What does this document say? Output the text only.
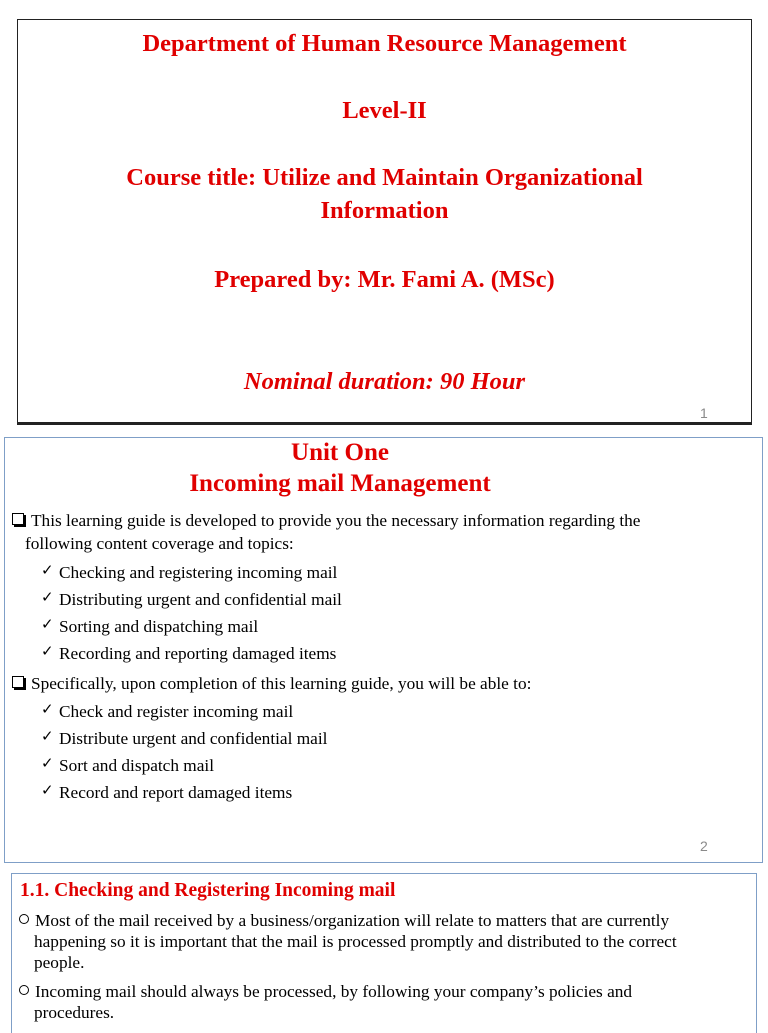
Department of Human Resource Management
Level-II
Course title: Utilize and Maintain Organizational
Information
Prepared by: Mr. Fami A. (MSc)
Nominal duration: 90 Hour
1
Unit One
Incoming mail Management
This learning guide is developed to provide you the necessary information regarding the
following content coverage and topics:
✓ Checking and registering incoming mail
✓ Distributing urgent and confidential mail
✓ Sorting and dispatching mail
✓ Recording and reporting damaged items
Specifically, upon completion of this learning guide, you will be able to:
✓ Check and register incoming mail
✓ Distribute urgent and confidential mail
✓ Sort and dispatch mail
✓ Record and report damaged items
2
1.1. Checking and Registering Incoming mail
Most of the mail received by a business/organization will relate to matters that are currently
happening so it is important that the mail is processed promptly and distributed to the correct
people.
Incoming mail should always be processed, by following your company’s policies and
procedures.
